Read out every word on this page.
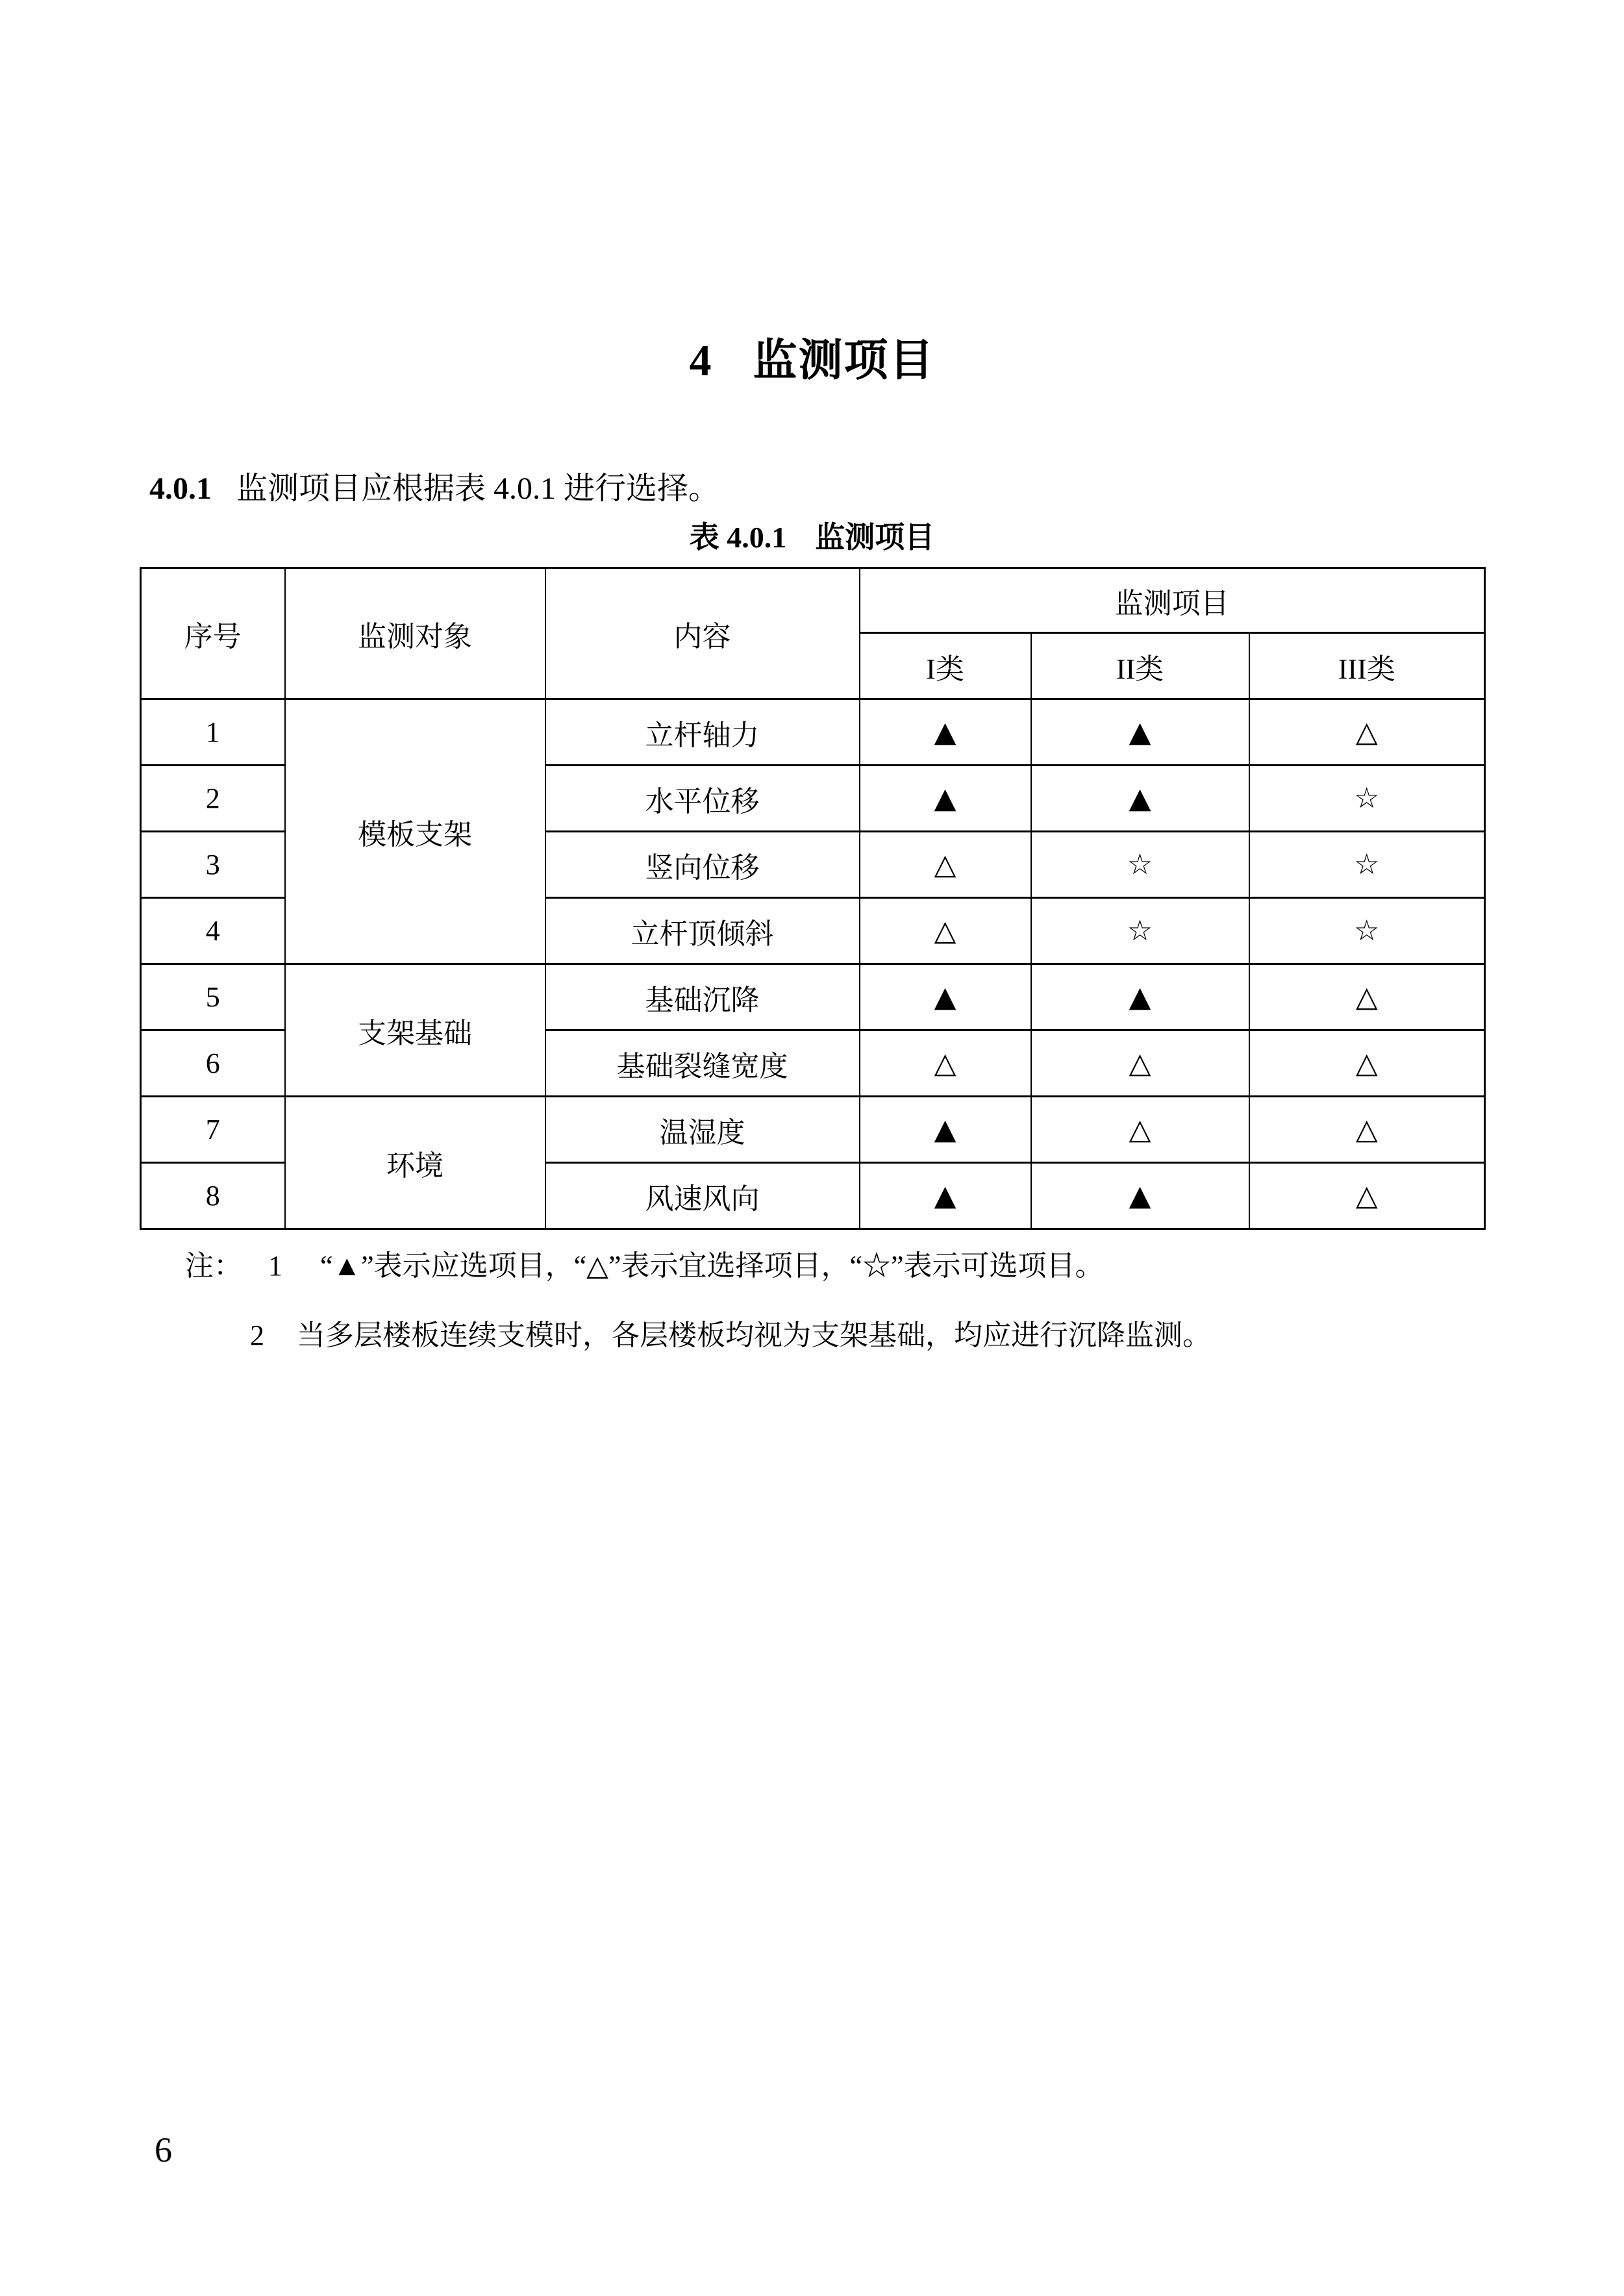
4 监测项目
4.0.1 监测项目应根据表 4.0.1 进行选择。
表 4.0.1 监测项目
序号	监测对象	内容	监测项目		
			I类	II类	III类
1	模板支架	立杆轴力	▲	▲	△
2		水平位移	▲	▲	☆
3		竖向位移	△	☆	☆
4		立杆顶倾斜	△	☆	☆
5	支架基础	基础沉降	▲	▲	△
6		基础裂缝宽度	△	△	△
7	环境	温湿度	▲	△	△
8		风速风向	▲	▲	△
注： 1 “▲”表示应选项目，“△”表示宜选择项目，“☆”表示可选项目。
2 当多层楼板连续支模时，各层楼板均视为支架基础，均应进行沉降监测。
6
